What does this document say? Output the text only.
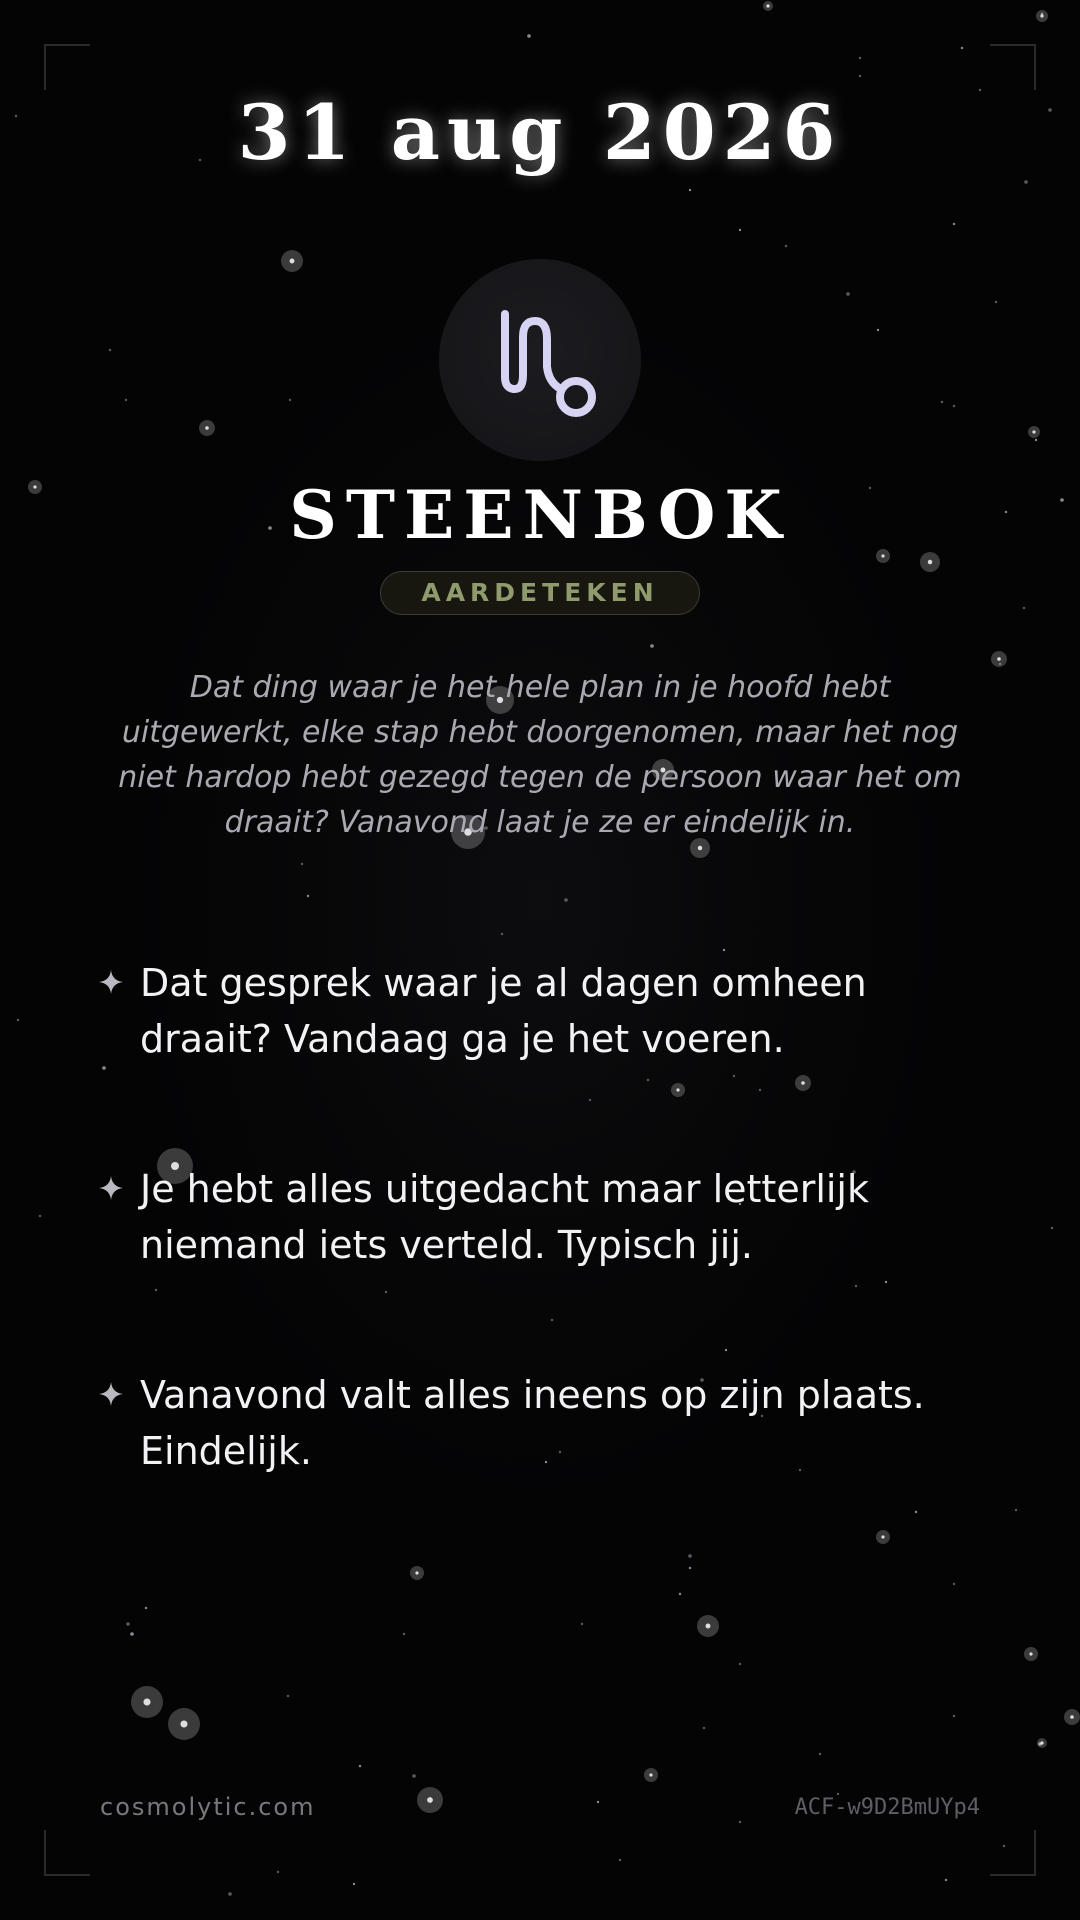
31 aug 2026
STEENBOK
AARDETEKEN
Dat ding waar je het hele plan in je hoofd hebt uitgewerkt, elke stap hebt doorgenomen, maar het nog niet hardop hebt gezegd tegen de persoon waar het om draait? Vanavond laat je ze er eindelijk in.
Dat gesprek waar je al dagen omheen draait? Vandaag ga je het voeren.
Je hebt alles uitgedacht maar letterlijk niemand iets verteld. Typisch jij.
Vanavond valt alles ineens op zijn plaats. Eindelijk.
cosmolytic.com	ACF-w9D2BmUYp4
